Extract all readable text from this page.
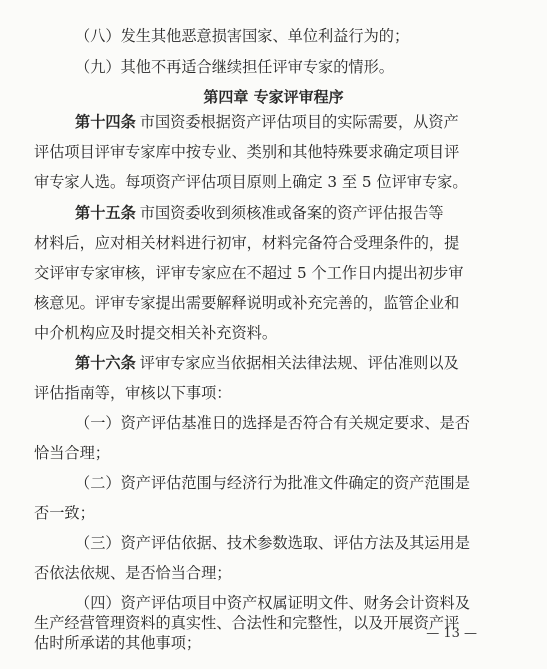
（八）发生其他恶意损害国家、单位利益行为的；
（九）其他不再适合继续担任评审专家的情形。
第四章 专家评审程序
第十四条 市国资委根据资产评估项目的实际需要，从资产
评估项目评审专家库中按专业、类别和其他特殊要求确定项目评
审专家人选。每项资产评估项目原则上确定 3 至 5 位评审专家。
第十五条 市国资委收到须核准或备案的资产评估报告等
材料后，应对相关材料进行初审，材料完备符合受理条件的，提
交评审专家审核，评审专家应在不超过 5 个工作日内提出初步审
核意见。评审专家提出需要解释说明或补充完善的，监管企业和
中介机构应及时提交相关补充资料。
第十六条 评审专家应当依据相关法律法规、评估准则以及
评估指南等，审核以下事项：
（一）资产评估基准日的选择是否符合有关规定要求、是否
恰当合理；
（二）资产评估范围与经济行为批准文件确定的资产范围是
否一致；
（三）资产评估依据、技术参数选取、评估方法及其运用是
否依法依规、是否恰当合理；
（四）资产评估项目中资产权属证明文件、财务会计资料及
生产经营管理资料的真实性、合法性和完整性，以及开展资产评
估时所承诺的其他事项；
— 13 —
